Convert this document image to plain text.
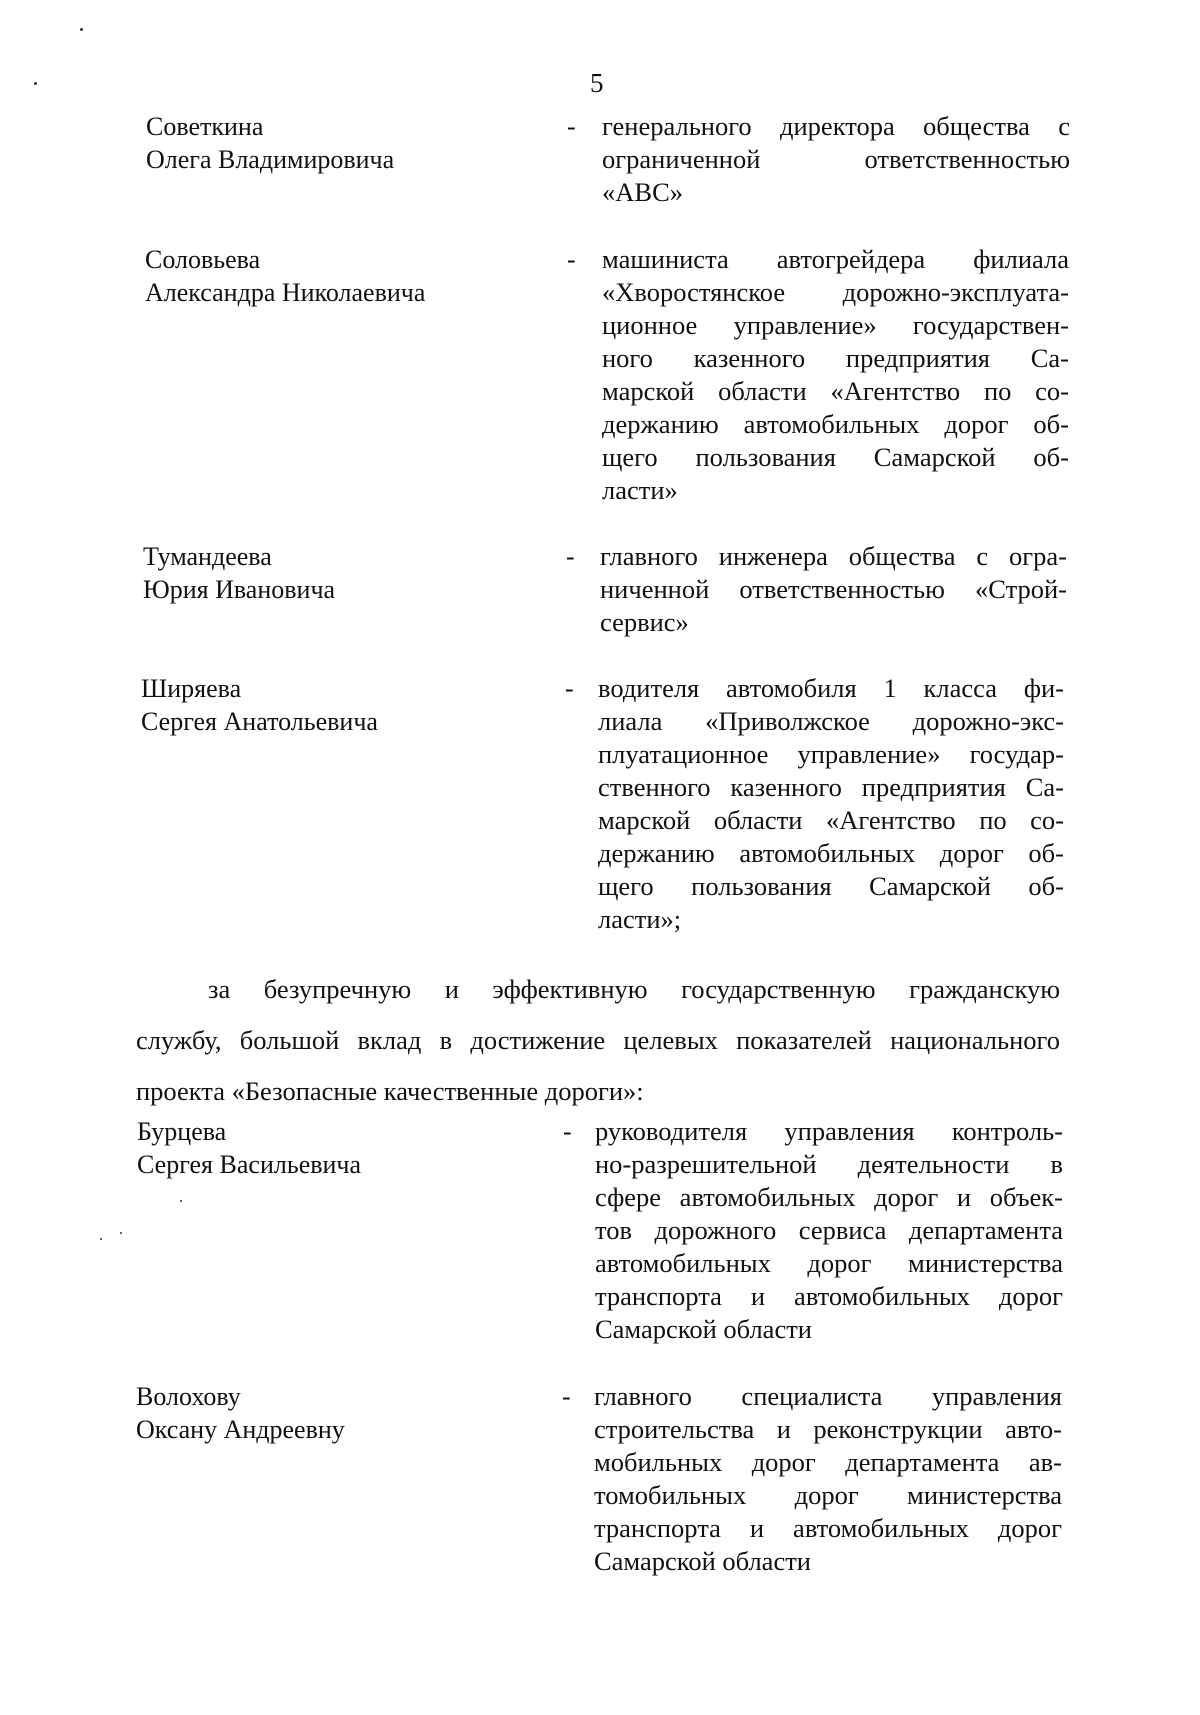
5
Советкина
Олега Владимировича
- генерального директора общества с
ограниченной ответственностью
«АВС»
Соловьева
Александра Николаевича
- машиниста автогрейдера филиала
«Хворостянское дорожно-эксплуата-
ционное управление» государствен-
ного казенного предприятия Са-
марской области «Агентство по со-
держанию автомобильных дорог об-
щего пользования Самарской об-
ласти»
Тумандеева
Юрия Ивановича
- главного инженера общества с огра-
ниченной ответственностью «Строй-
сервис»
Ширяева
Сергея Анатольевича
- водителя автомобиля 1 класса фи-
лиала «Приволжское дорожно-экс-
плуатационное управление» государ-
ственного казенного предприятия Са-
марской области «Агентство по со-
держанию автомобильных дорог об-
щего пользования Самарской об-
ласти»;
за безупречную и эффективную государственную гражданскую
службу, большой вклад в достижение целевых показателей национального
проекта «Безопасные качественные дороги»:
Бурцева
Сергея Васильевича
- руководителя управления контроль-
но-разрешительной деятельности в
сфере автомобильных дорог и объек-
тов дорожного сервиса департамента
автомобильных дорог министерства
транспорта и автомобильных дорог
Самарской области
Волохову
Оксану Андреевну
- главного специалиста управления
строительства и реконструкции авто-
мобильных дорог департамента ав-
томобильных дорог министерства
транспорта и автомобильных дорог
Самарской области
